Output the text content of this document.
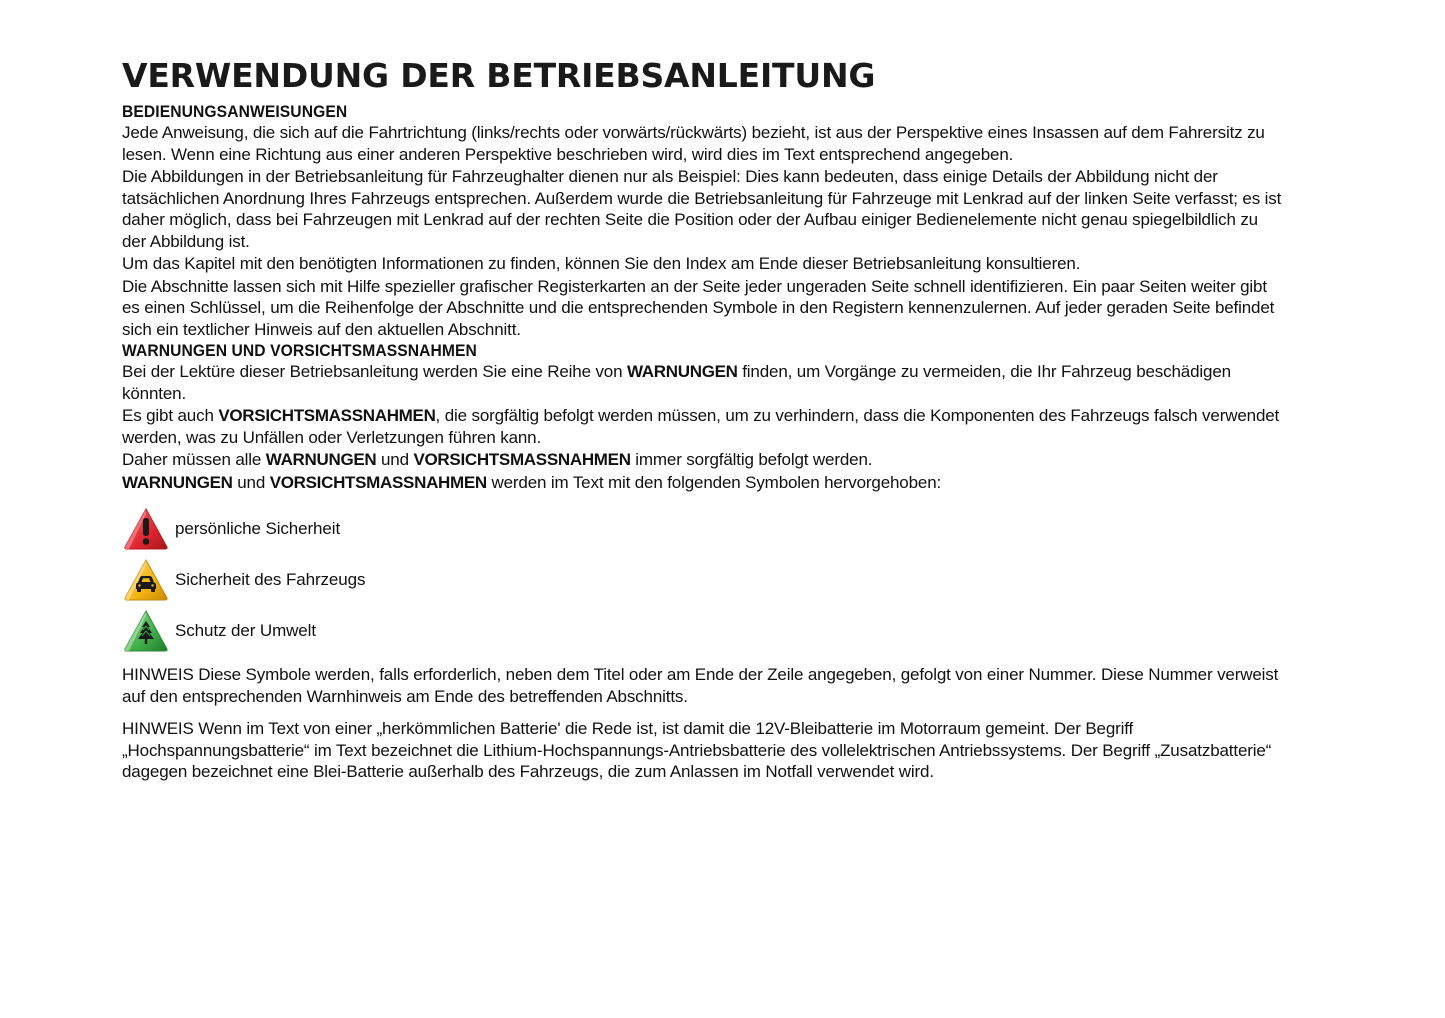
VERWENDUNG DER BETRIEBSANLEITUNG
BEDIENUNGSANWEISUNGEN

Jede Anweisung, die sich auf die Fahrtrichtung (links/rechts oder vorwärts/rückwärts) bezieht, ist aus der Perspektive eines Insassen auf dem Fahrersitz zu lesen. Wenn eine Richtung aus einer anderen Perspektive beschrieben wird, wird dies im Text entsprechend angegeben.

Die Abbildungen in der Betriebsanleitung für Fahrzeughalter dienen nur als Beispiel: Dies kann bedeuten, dass einige Details der Abbildung nicht der tatsächlichen Anordnung Ihres Fahrzeugs entsprechen. Außerdem wurde die Betriebsanleitung für Fahrzeuge mit Lenkrad auf der linken Seite verfasst; es ist daher möglich, dass bei Fahrzeugen mit Lenkrad auf der rechten Seite die Position oder der Aufbau einiger Bedienelemente nicht genau spiegelbildlich zu der Abbildung ist.

Um das Kapitel mit den benötigten Informationen zu finden, können Sie den Index am Ende dieser Betriebsanleitung konsultieren.

Die Abschnitte lassen sich mit Hilfe spezieller grafischer Registerkarten an der Seite jeder ungeraden Seite schnell identifizieren. Ein paar Seiten weiter gibt es einen Schlüssel, um die Reihenfolge der Abschnitte und die entsprechenden Symbole in den Registern kennenzulernen. Auf jeder geraden Seite befindet sich ein textlicher Hinweis auf den aktuellen Abschnitt.

WARNUNGEN UND VORSICHTSMASSNAHMEN

Bei der Lektüre dieser Betriebsanleitung werden Sie eine Reihe von WARNUNGEN finden, um Vorgänge zu vermeiden, die Ihr Fahrzeug beschädigen könnten.

Es gibt auch VORSICHTSMASSNAHMEN, die sorgfältig befolgt werden müssen, um zu verhindern, dass die Komponenten des Fahrzeugs falsch verwendet werden, was zu Unfällen oder Verletzungen führen kann.

Daher müssen alle WARNUNGEN und VORSICHTSMASSNAHMEN immer sorgfältig befolgt werden.

WARNUNGEN und VORSICHTSMASSNAHMEN werden im Text mit den folgenden Symbolen hervorgehoben:

persönliche Sicherheit
Sicherheit des Fahrzeugs
Schutz der Umwelt

HINWEIS Diese Symbole werden, falls erforderlich, neben dem Titel oder am Ende der Zeile angegeben, gefolgt von einer Nummer. Diese Nummer verweist auf den entsprechenden Warnhinweis am Ende des betreffenden Abschnitts.

HINWEIS Wenn im Text von einer „herkömmlichen Batterie' die Rede ist, ist damit die 12V-Bleibatterie im Motorraum gemeint. Der Begriff „Hochspannungsbatterie“ im Text bezeichnet die Lithium-Hochspannungs-Antriebsbatterie des vollelektrischen Antriebssystems. Der Begriff „Zusatzbatterie“ dagegen bezeichnet eine Blei-Batterie außerhalb des Fahrzeugs, die zum Anlassen im Notfall verwendet wird.
